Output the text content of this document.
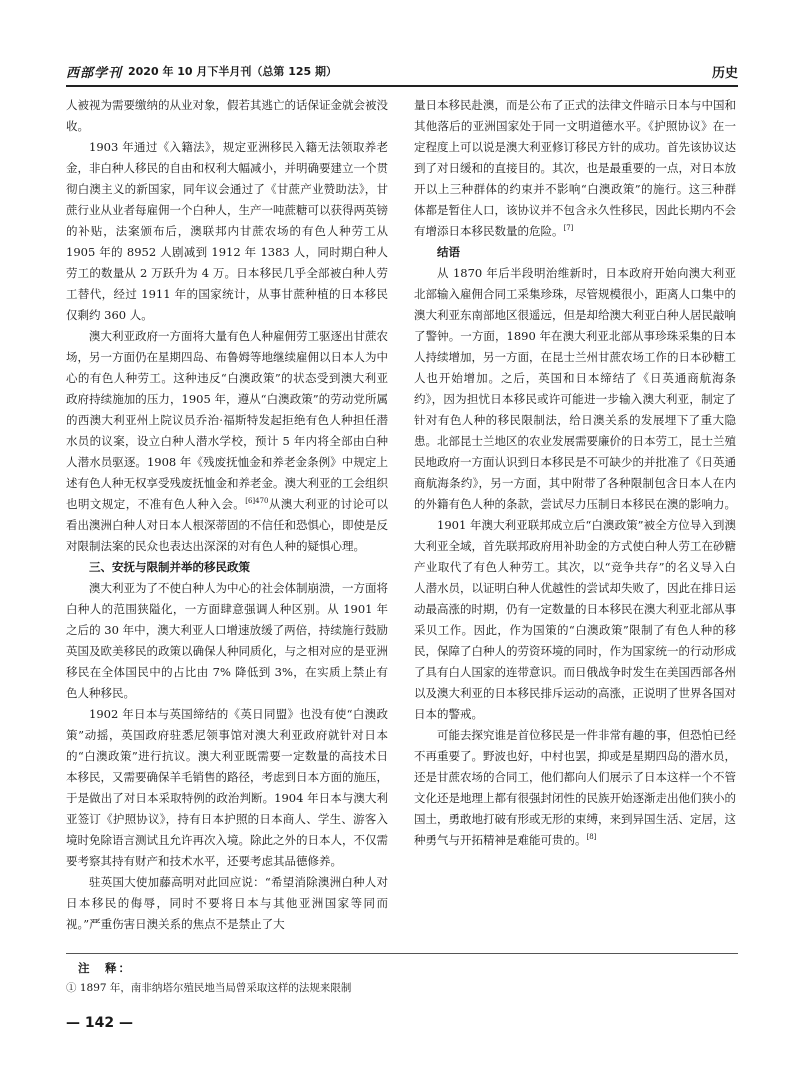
西部学刊 2020 年 10 月下半月刊（总第 125 期）	历史

人被视为需要缴纳的从业对象，假若其逃亡的话保证金就会被没收。

1903 年通过《入籍法》，规定亚洲移民入籍无法领取养老金，非白种人移民的自由和权利大幅减小，并明确要建立一个贯彻白澳主义的新国家，同年议会通过了《甘蔗产业赞助法》，甘蔗行业从业者每雇佣一个白种人，生产一吨蔗糖可以获得两英镑的补贴，法案颁布后，澳联邦内甘蔗农场的有色人种劳工从 1905 年的 8952 人剧减到 1912 年 1383 人，同时期白种人劳工的数量从 2 万跃升为 4 万。日本移民几乎全部被白种人劳工替代，经过 1911 年的国家统计，从事甘蔗种植的日本移民仅剩约 360 人。

澳大利亚政府一方面将大量有色人种雇佣劳工驱逐出甘蔗农场，另一方面仍在星期四岛、布鲁姆等地继续雇佣以日本人为中心的有色人种劳工。这种违反“白澳政策”的状态受到澳大利亚政府持续施加的压力，1905 年，遵从“白澳政策”的劳动党所属的西澳大利亚州上院议员乔治·福斯特发起拒绝有色人种担任潜水员的议案，设立白种人潜水学校，预计 5 年内将全部由白种人潜水员驱逐。1908 年《残废抚恤金和养老金条例》中规定上述有色人种无权享受残废抚恤金和养老金。澳大利亚的工会组织也明文规定，不准有色人种入会。$^{[6]470}$从澳大利亚的讨论可以看出澳洲白种人对日本人根深蒂固的不信任和恐惧心，即使是反对限制法案的民众也表达出深深的对有色人种的疑惧心理。

三、安抚与限制并举的移民政策

澳大利亚为了不使白种人为中心的社会体制崩溃，一方面将白种人的范围狭隘化，一方面肆意强调人种区别。从 1901 年之后的 30 年中，澳大利亚人口增速放缓了两倍，持续施行鼓励英国及欧美移民的政策以确保人种同质化，与之相对应的是亚洲移民在全体国民中的占比由 7% 降低到 3%，在实质上禁止有色人种移民。

1902 年日本与英国缔结的《英日同盟》也没有使“白澳政策”动摇，英国政府驻悉尼领事馆对澳大利亚政府就针对日本的“白澳政策”进行抗议。澳大利亚既需要一定数量的高技术日本移民，又需要确保羊毛销售的路径，考虑到日本方面的施压，于是做出了对日本采取特例的政治判断。1904 年日本与澳大利亚签订《护照协议》，持有日本护照的日本商人、学生、游客入境时免除语言测试且允许再次入境。除此之外的日本人，不仅需要考察其持有财产和技术水平，还要考虑其品德修养。

驻英国大使加藤高明对此回应说：“希望消除澳洲白种人对日本移民的侮辱，同时不要将日本与其他亚洲国家等同而视。”严重伤害日澳关系的焦点不是禁止了大

量日本移民赴澳，而是公布了正式的法律文件暗示日本与中国和其他落后的亚洲国家处于同一文明道德水平。《护照协议》在一定程度上可以说是澳大利亚修订移民方针的成功。首先该协议达到了对日缓和的直接目的。其次，也是最重要的一点，对日本放开以上三种群体的约束并不影响“白澳政策”的施行。这三种群体都是暂住人口，该协议并不包含永久性移民，因此长期内不会有增添日本移民数量的危险。[7]

结语

从 1870 年后半段明治维新时，日本政府开始向澳大利亚北部输入雇佣合同工采集珍珠，尽管规模很小，距离人口集中的澳大利亚东南部地区很遥远，但是却给澳大利亚白种人居民敲响了警钟。一方面，1890 年在澳大利亚北部从事珍珠采集的日本人持续增加，另一方面，在昆士兰州甘蔗农场工作的日本砂糖工人也开始增加。之后，英国和日本缔结了《日英通商航海条约》，因为担忧日本移民或许可能进一步输入澳大利亚，制定了针对有色人种的移民限制法，给日澳关系的发展埋下了重大隐患。北部昆士兰地区的农业发展需要廉价的日本劳工，昆士兰殖民地政府一方面认识到日本移民是不可缺少的并批准了《日英通商航海条约》，另一方面，其中附带了各种限制包含日本人在内的外籍有色人种的条款，尝试尽力压制日本移民在澳的影响力。

1901 年澳大利亚联邦成立后“白澳政策”被全方位导入到澳大利亚全域，首先联邦政府用补助金的方式使白种人劳工在砂糖产业取代了有色人种劳工。其次，以“竞争共存”的名义导入白人潜水员，以证明白种人优越性的尝试却失败了，因此在排日运动最高涨的时期，仍有一定数量的日本移民在澳大利亚北部从事采贝工作。因此，作为国策的“白澳政策”限制了有色人种的移民，保障了白种人的劳资环境的同时，作为国家统一的行动形成了具有白人国家的连带意识。而日俄战争时发生在美国西部各州以及澳大利亚的日本移民排斥运动的高涨，正说明了世界各国对日本的警戒。

可能去探究谁是首位移民是一件非常有趣的事，但恐怕已经不再重要了。野波也好，中村也罢，抑或是星期四岛的潜水员，还是甘蔗农场的合同工，他们都向人们展示了日本这样一个不管文化还是地理上都有很强封闭性的民族开始逐渐走出他们狭小的国土，勇敢地打破有形或无形的束缚，来到异国生活、定居，这种勇气与开拓精神是难能可贵的。[8]

注　释：
① 1897 年，南非纳塔尔殖民地当局曾采取这样的法规来限制
— 142 —
